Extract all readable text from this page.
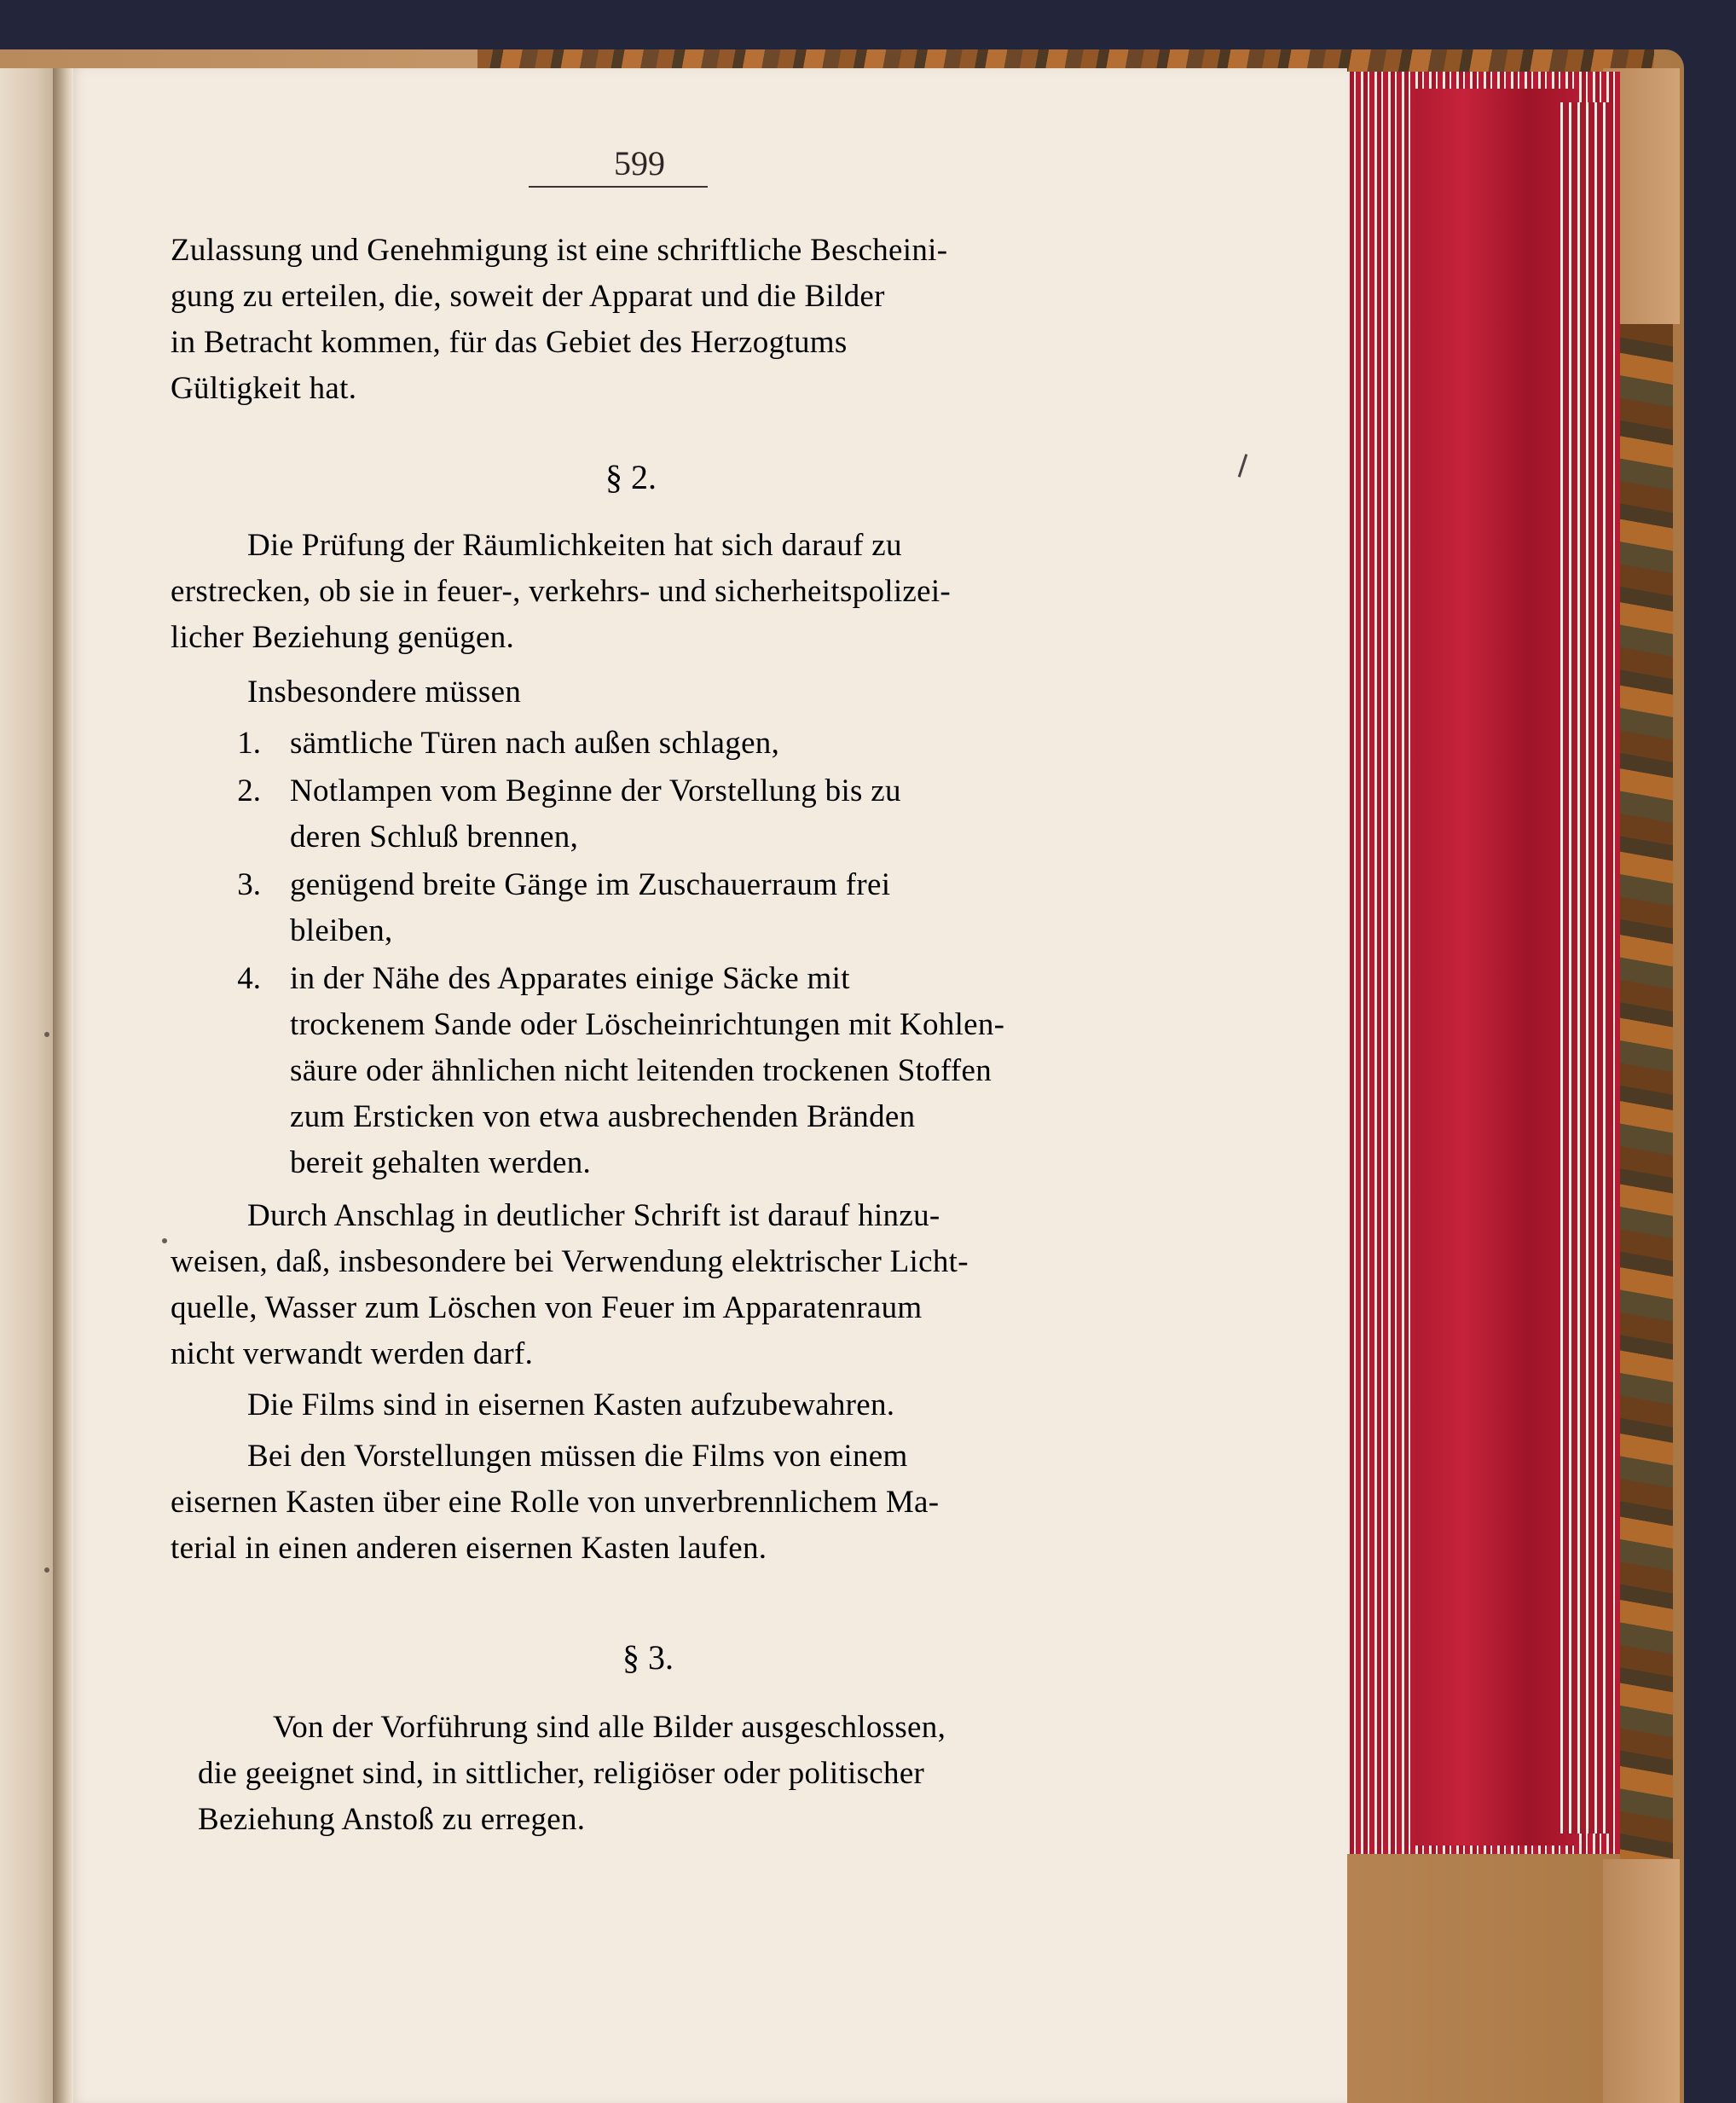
599
Zulassung und Genehmigung ist eine schriftliche Bescheini-
gung zu erteilen, die, soweit der Apparat und die Bilder
in Betracht kommen, für das Gebiet des Herzogtums
Gültigkeit hat.
§ 2.
Die Prüfung der Räumlichkeiten hat sich darauf zu
erstrecken, ob sie in feuer-, verkehrs- und sicherheitspolizei-
licher Beziehung genügen.
Insbesondere müssen
1. sämtliche Türen nach außen schlagen,
2. Notlampen vom Beginne der Vorstellung bis zu
deren Schluß brennen,
3. genügend breite Gänge im Zuschauerraum frei
bleiben,
4. in der Nähe des Apparates einige Säcke mit
trockenem Sande oder Löscheinrichtungen mit Kohlen-
säure oder ähnlichen nicht leitenden trockenen Stoffen
zum Ersticken von etwa ausbrechenden Bränden
bereit gehalten werden.
Durch Anschlag in deutlicher Schrift ist darauf hinzu-
weisen, daß, insbesondere bei Verwendung elektrischer Licht-
quelle, Wasser zum Löschen von Feuer im Apparatenraum
nicht verwandt werden darf.
Die Films sind in eisernen Kasten aufzubewahren.
Bei den Vorstellungen müssen die Films von einem
eisernen Kasten über eine Rolle von unverbrennlichem Ma-
terial in einen anderen eisernen Kasten laufen.
§ 3.
Von der Vorführung sind alle Bilder ausgeschlossen,
die geeignet sind, in sittlicher, religiöser oder politischer
Beziehung Anstoß zu erregen.
